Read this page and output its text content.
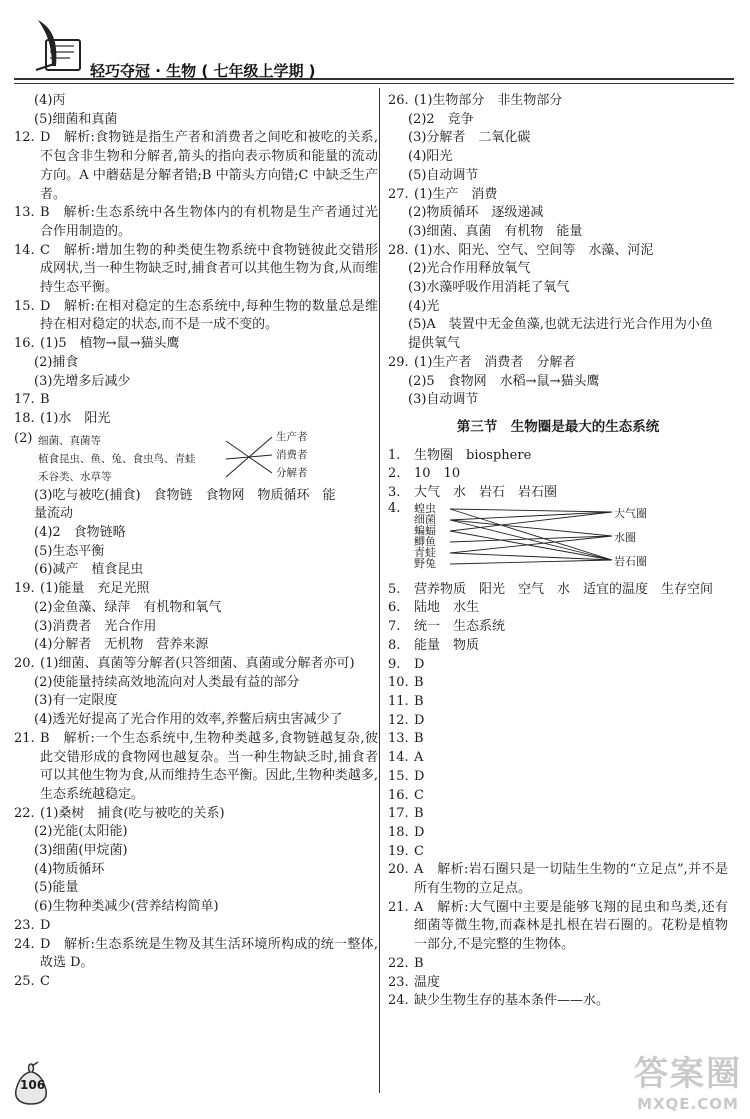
轻巧夺冠 · 生物 ( 七年级上学期 )
(4)丙
(5)细菌和真菌
12. D　解析:食物链是指生产者和消费者之间吃和被吃的关系,不包含非生物和分解者,箭头的指向表示物质和能量的流动方向。A 中蘑菇是分解者错;B 中箭头方向错;C 中缺乏生产者。
13. B　解析:生态系统中各生物体内的有机物是生产者通过光合作用制造的。
14. C　解析:增加生物的种类使生物系统中食物链彼此交错形成网状,当一种生物缺乏时,捕食者可以其他生物为食,从而维持生态平衡。
15. D　解析:在相对稳定的生态系统中,每种生物的数量总是维持在相对稳定的状态,而不是一成不变的。
16. (1)5　植物→鼠→猫头鹰
(2)捕食
(3)先增多后减少
17. B
18. (1)水　阳光
(2) 细菌、真菌等
植食昆虫、鱼、兔、食虫鸟、青蛙
禾谷类、水草等
生产者
消费者
分解者
(3)吃与被吃(捕食)　食物链　食物网　物质循环　能
量流动
(4)2　食物链略
(5)生态平衡
(6)减产　植食昆虫
19. (1)能量　充足光照
(2)金鱼藻、绿萍　有机物和氧气
(3)消费者　光合作用
(4)分解者　无机物　营养来源
20. (1)细菌、真菌等分解者(只答细菌、真菌或分解者亦可)
(2)使能量持续高效地流向对人类最有益的部分
(3)有一定限度
(4)透光好提高了光合作用的效率,养鳖后病虫害减少了
21. B　解析:一个生态系统中,生物种类越多,食物链越复杂,彼此交错形成的食物网也越复杂。当一种生物缺乏时,捕食者可以其他生物为食,从而维持生态平衡。因此,生物种类越多,生态系统越稳定。
22. (1)桑树　捕食(吃与被吃的关系)
(2)光能(太阳能)
(3)细菌(甲烷菌)
(4)物质循环
(5)能量
(6)生物种类减少(营养结构简单)
23. D
24. D　解析:生态系统是生物及其生活环境所构成的统一整体,故选 D。
25. C
26. (1)生物部分　非生物部分
(2)2　竞争
(3)分解者　二氧化碳
(4)阳光
(5)自动调节
27. (1)生产　消费
(2)物质循环　逐级递减
(3)细菌、真菌　有机物　能量
28. (1)水、阳光、空气、空间等　水藻、河泥
(2)光合作用释放氧气
(3)水藻呼吸作用消耗了氧气
(4)光
(5)A　装置中无金鱼藻,也就无法进行光合作用为小鱼
提供氧气
29. (1)生产者　消费者　分解者
(2)5　食物网　水稻→鼠→猫头鹰
(3)自动调节
第三节　生物圈是最大的生态系统
1.	生物圈　biosphere
2.	10　10
3.	大气　水　岩石　岩石圈
4. 蝗虫
细菌
蝙蝠
鲫鱼
青蛙
野兔
大气圈
水圈
岩石圈
5.	营养物质　阳光　空气　水　适宜的温度　生存空间
6.	陆地　水生
7.	统一　生态系统
8.	能量　物质
9.	D
10. B
11. B
12. D
13. B
14. A
15. D
16. C
17. B
18. D
19. C
20. A　解析:岩石圈只是一切陆生生物的“立足点”,并不是所有生物的立足点。
21. A　解析:大气圈中主要是能够飞翔的昆虫和鸟类,还有细菌等微生物,而森林是扎根在岩石圈的。花粉是植物一部分,不是完整的生物体。
22. B
23. 温度
24. 缺少生物生存的基本条件——水。
106	答案圈
MXQE.COM
